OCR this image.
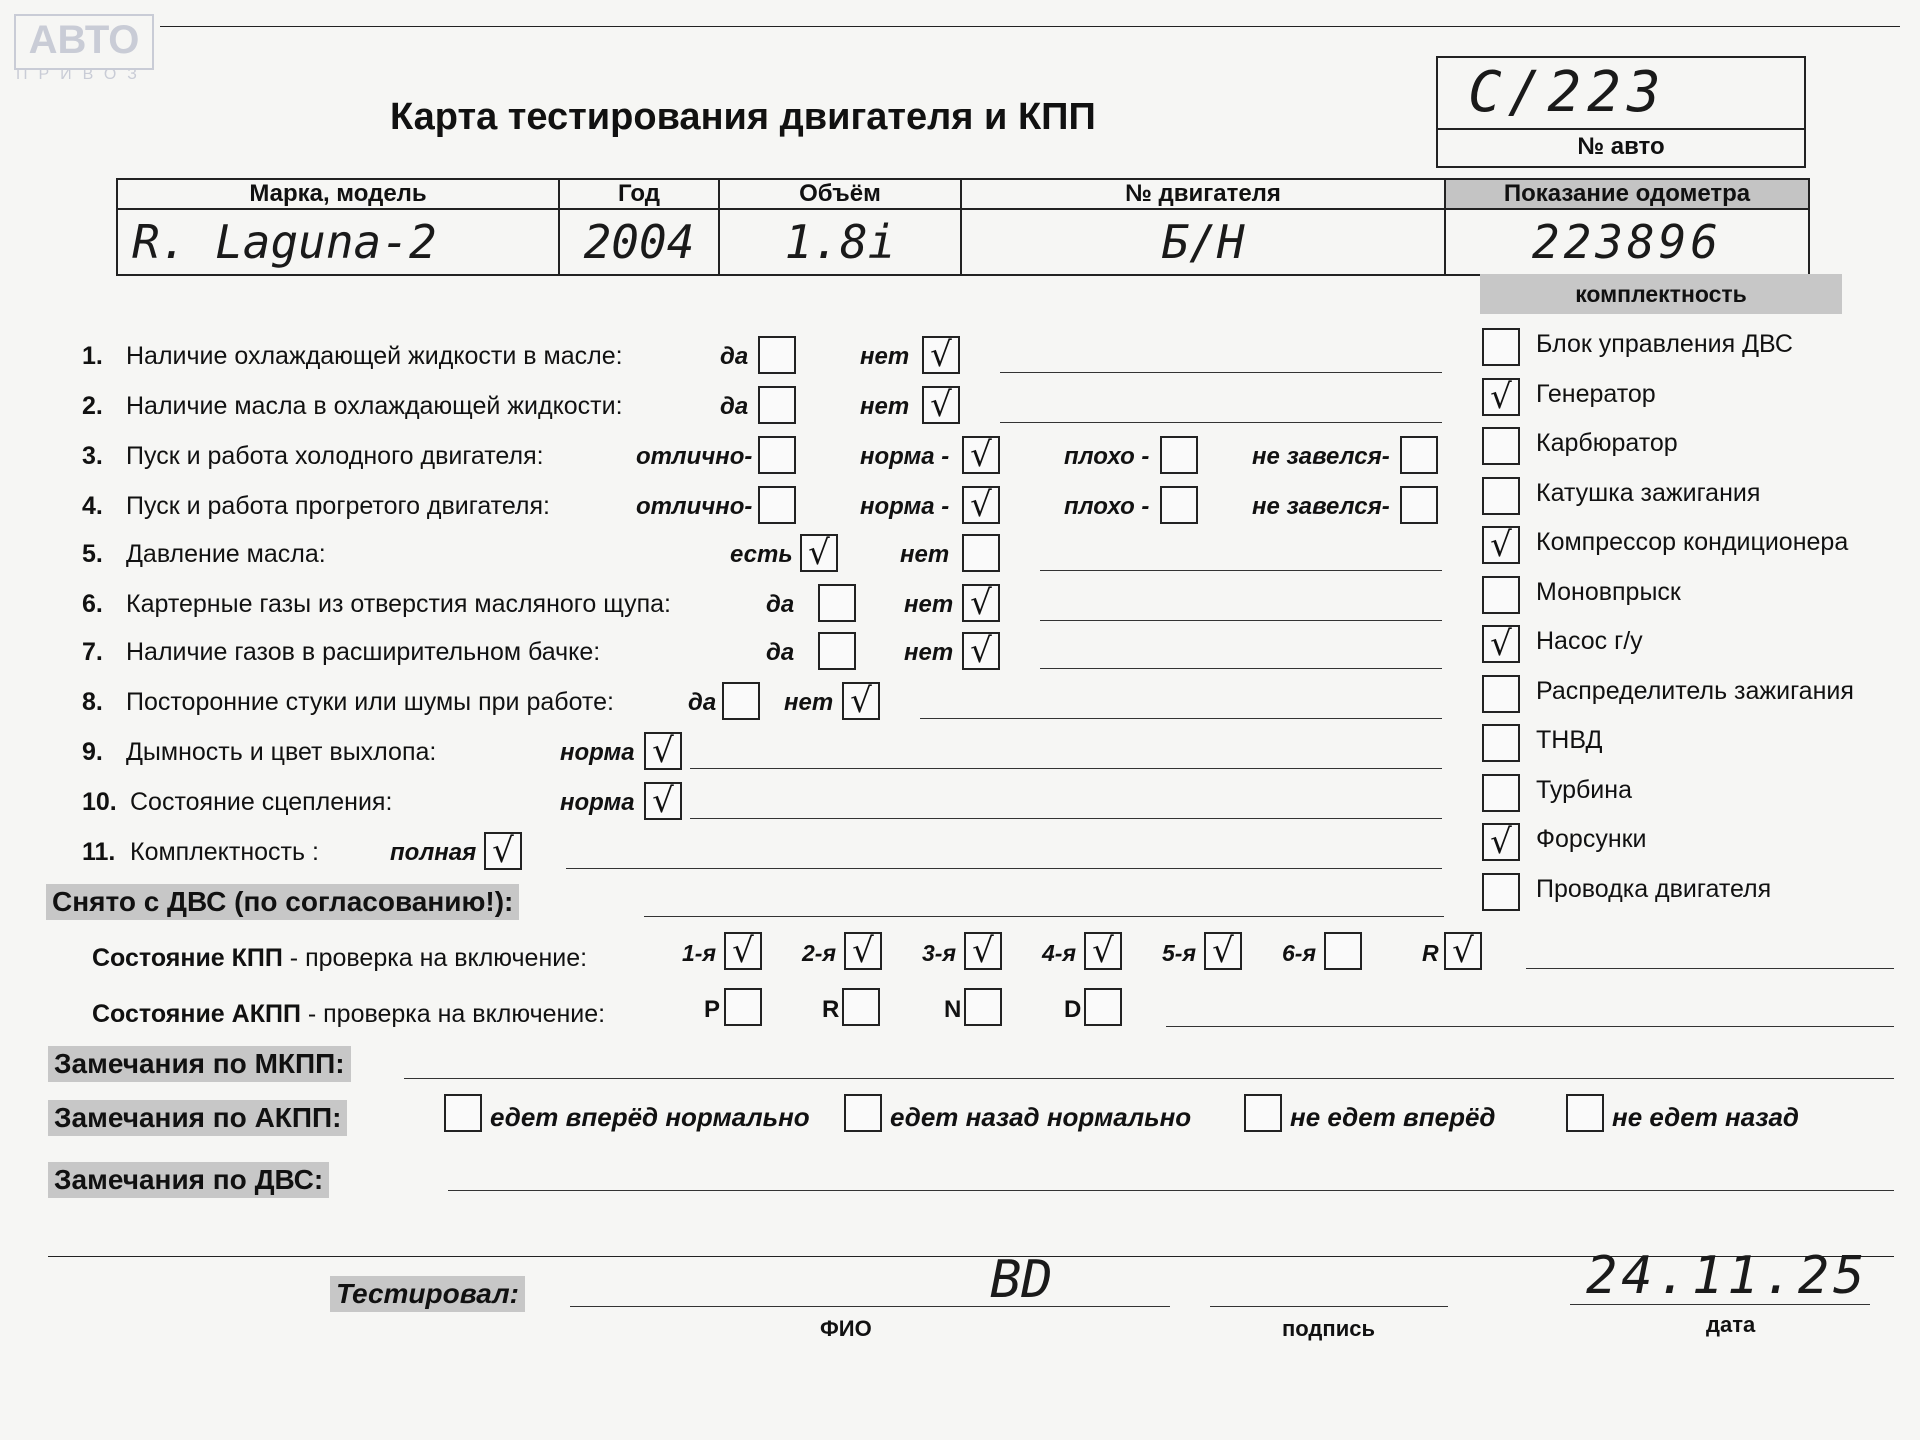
АВТО
ПРИВОЗ
Карта тестирования двигателя и КПП	С/223
№ авто
Марка, модель	Год	Объём	№ двигателя	Показание одометра
R. Laguna-2	2004	1.8i	Б/Н	223896
комплектность
1. Наличие охлаждающей жидкости в масле:	да	нет √
2. Наличие масла в охлаждающей жидкости:	да	нет √
3. Пуск и работа холодного двигателя:	отлично-	норма - √	плохо -	не завелся-
4. Пуск и работа прогретого двигателя:	отлично-	норма - √	плохо -	не завелся-
5. Давление масла:	есть √	нет
6. Картерные газы из отверстия масляного щупа:	да	нет √
7. Наличие газов в расширительном бачке:	да	нет √
8. Посторонние стуки или шумы при работе:	да	нет √
9. Дымность и цвет выхлопа:	норма √
10. Состояние сцепления:	норма √
11. Комплектность :	полная √
Блок управления ДВС
√ Генератор
Карбюратор
Катушка зажигания
√ Компрессор кондиционера
Моновпрыск
√ Насос г/у
Распределитель зажигания
ТНВД
Турбина
√ Форсунки
Проводка двигателя
Снято с ДВС (по согласованию!):
Состояние КПП - проверка на включение:	1-я √	2-я √	3-я √	4-я √	5-я √	6-я	R √
Состояние АКПП - проверка на включение:	P	R	N	D
Замечания по МКПП:
Замечания по АКПП:	едет вперёд нормально	едет назад нормально	не едет вперёд	не едет назад
Замечания по ДВС:
Тестировал:	BD
ФИО	подпись
24.11.25
дата
